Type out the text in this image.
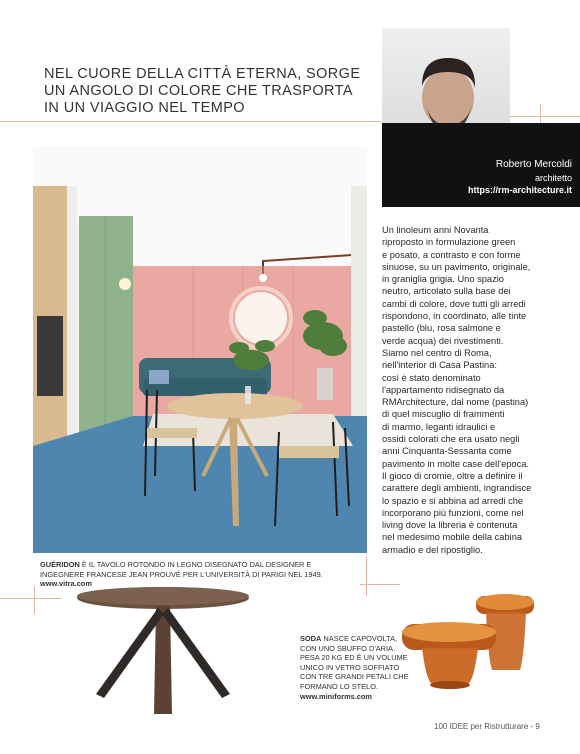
NEL CUORE DELLA CITTÀ ETERNA, SORGE
UN ANGOLO DI COLORE CHE TRASPORTA
IN UN VIAGGIO NEL TEMPO
Roberto Mercoldi
architetto
https://rm-architecture.it
Un linoleum anni Novanta
riproposto in formulazione green
e posato, a contrasto e con forme
sinuose, su un pavimento, originale,
in graniglia grigia. Uno spazio
neutro, articolato sulla base dei
cambi di colore, dove tutti gli arredi
rispondono, in coordinato, alle tinte
pastello (blu, rosa salmone e
verde acqua) dei rivestimenti.
Siamo nel centro di Roma,
nell'interior di Casa Pastina:
così è stato denominato
l'appartamento ridisegnato da
RMArchitecture, dal nome (pastina)
di quel miscuglio di frammenti
di marmo, leganti idraulici e
ossidi colorati che era usato negli
anni Cinquanta-Sessanta come
pavimento in molte case dell'epoca.
Il gioco di cromie, oltre a definire il
carattere degli ambienti, ingrandisce
lo spazio e si abbina ad arredi che
incorporano più funzioni, come nel
living dove la libreria è contenuta
nel medesimo mobile della cabina
armadio e del ripostiglio.
GUÉRIDON È IL TAVOLO ROTONDO IN LEGNO DISEGNATO DAL DESIGNER E
INGEGNERE FRANCESE JEAN PROUVÉ PER L'UNIVERSITÀ DI PARIGI NEL 1949.
www.vitra.com
SODA NASCE CAPOVOLTA,
CON UNO SBUFFO D'ARIA.
PESA 20 KG ED È UN VOLUME
UNICO IN VETRO SOFFIATO
CON TRE GRANDI PETALI CHE
FORMANO LO STELO.
www.miniforms.com
100 IDEE per Ristrutturare - 9
